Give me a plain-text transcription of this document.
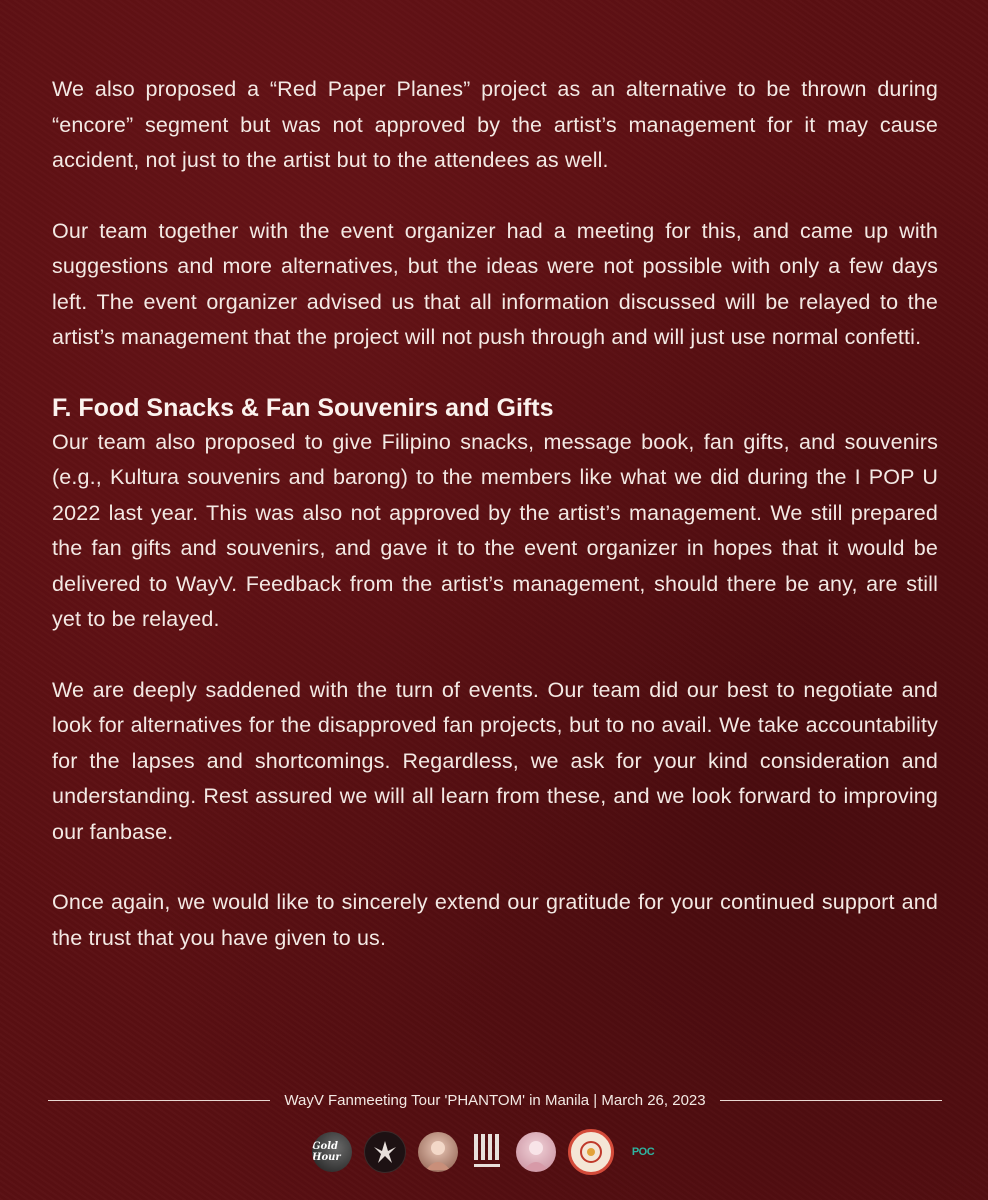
We also proposed a “Red Paper Planes” project as an alternative to be thrown during “encore” segment but was not approved by the artist’s management for it may cause accident, not just to the artist but to the attendees as well.

Our team together with the event organizer had a meeting for this, and came up with suggestions and more alternatives, but the ideas were not possible with only a few days left. The event organizer advised us that all information discussed will be relayed to the artist’s management that the project will not push through and will just use normal confetti.

F. Food Snacks & Fan Souvenirs and Gifts

Our team also proposed to give Filipino snacks, message book, fan gifts, and souvenirs (e.g., Kultura souvenirs and barong) to the members like what we did during the I POP U 2022 last year. This was also not approved by the artist’s management. We still prepared the fan gifts and souvenirs, and gave it to the event organizer in hopes that it would be delivered to WayV. Feedback from the artist’s management, should there be any, are still yet to be relayed.

We are deeply saddened with the turn of events. Our team did our best to negotiate and look for alternatives for the disapproved fan projects, but to no avail. We take accountability for the lapses and shortcomings. Regardless, we ask for your kind consideration and understanding. Rest assured we will all learn from these, and we look forward to improving our fanbase.

Once again, we would like to sincerely extend our gratitude for your continued support and the trust that you have given to us.

WayV Fanmeeting Tour 'PHANTOM' in Manila | March 26, 2023
Gold Hour	POC
